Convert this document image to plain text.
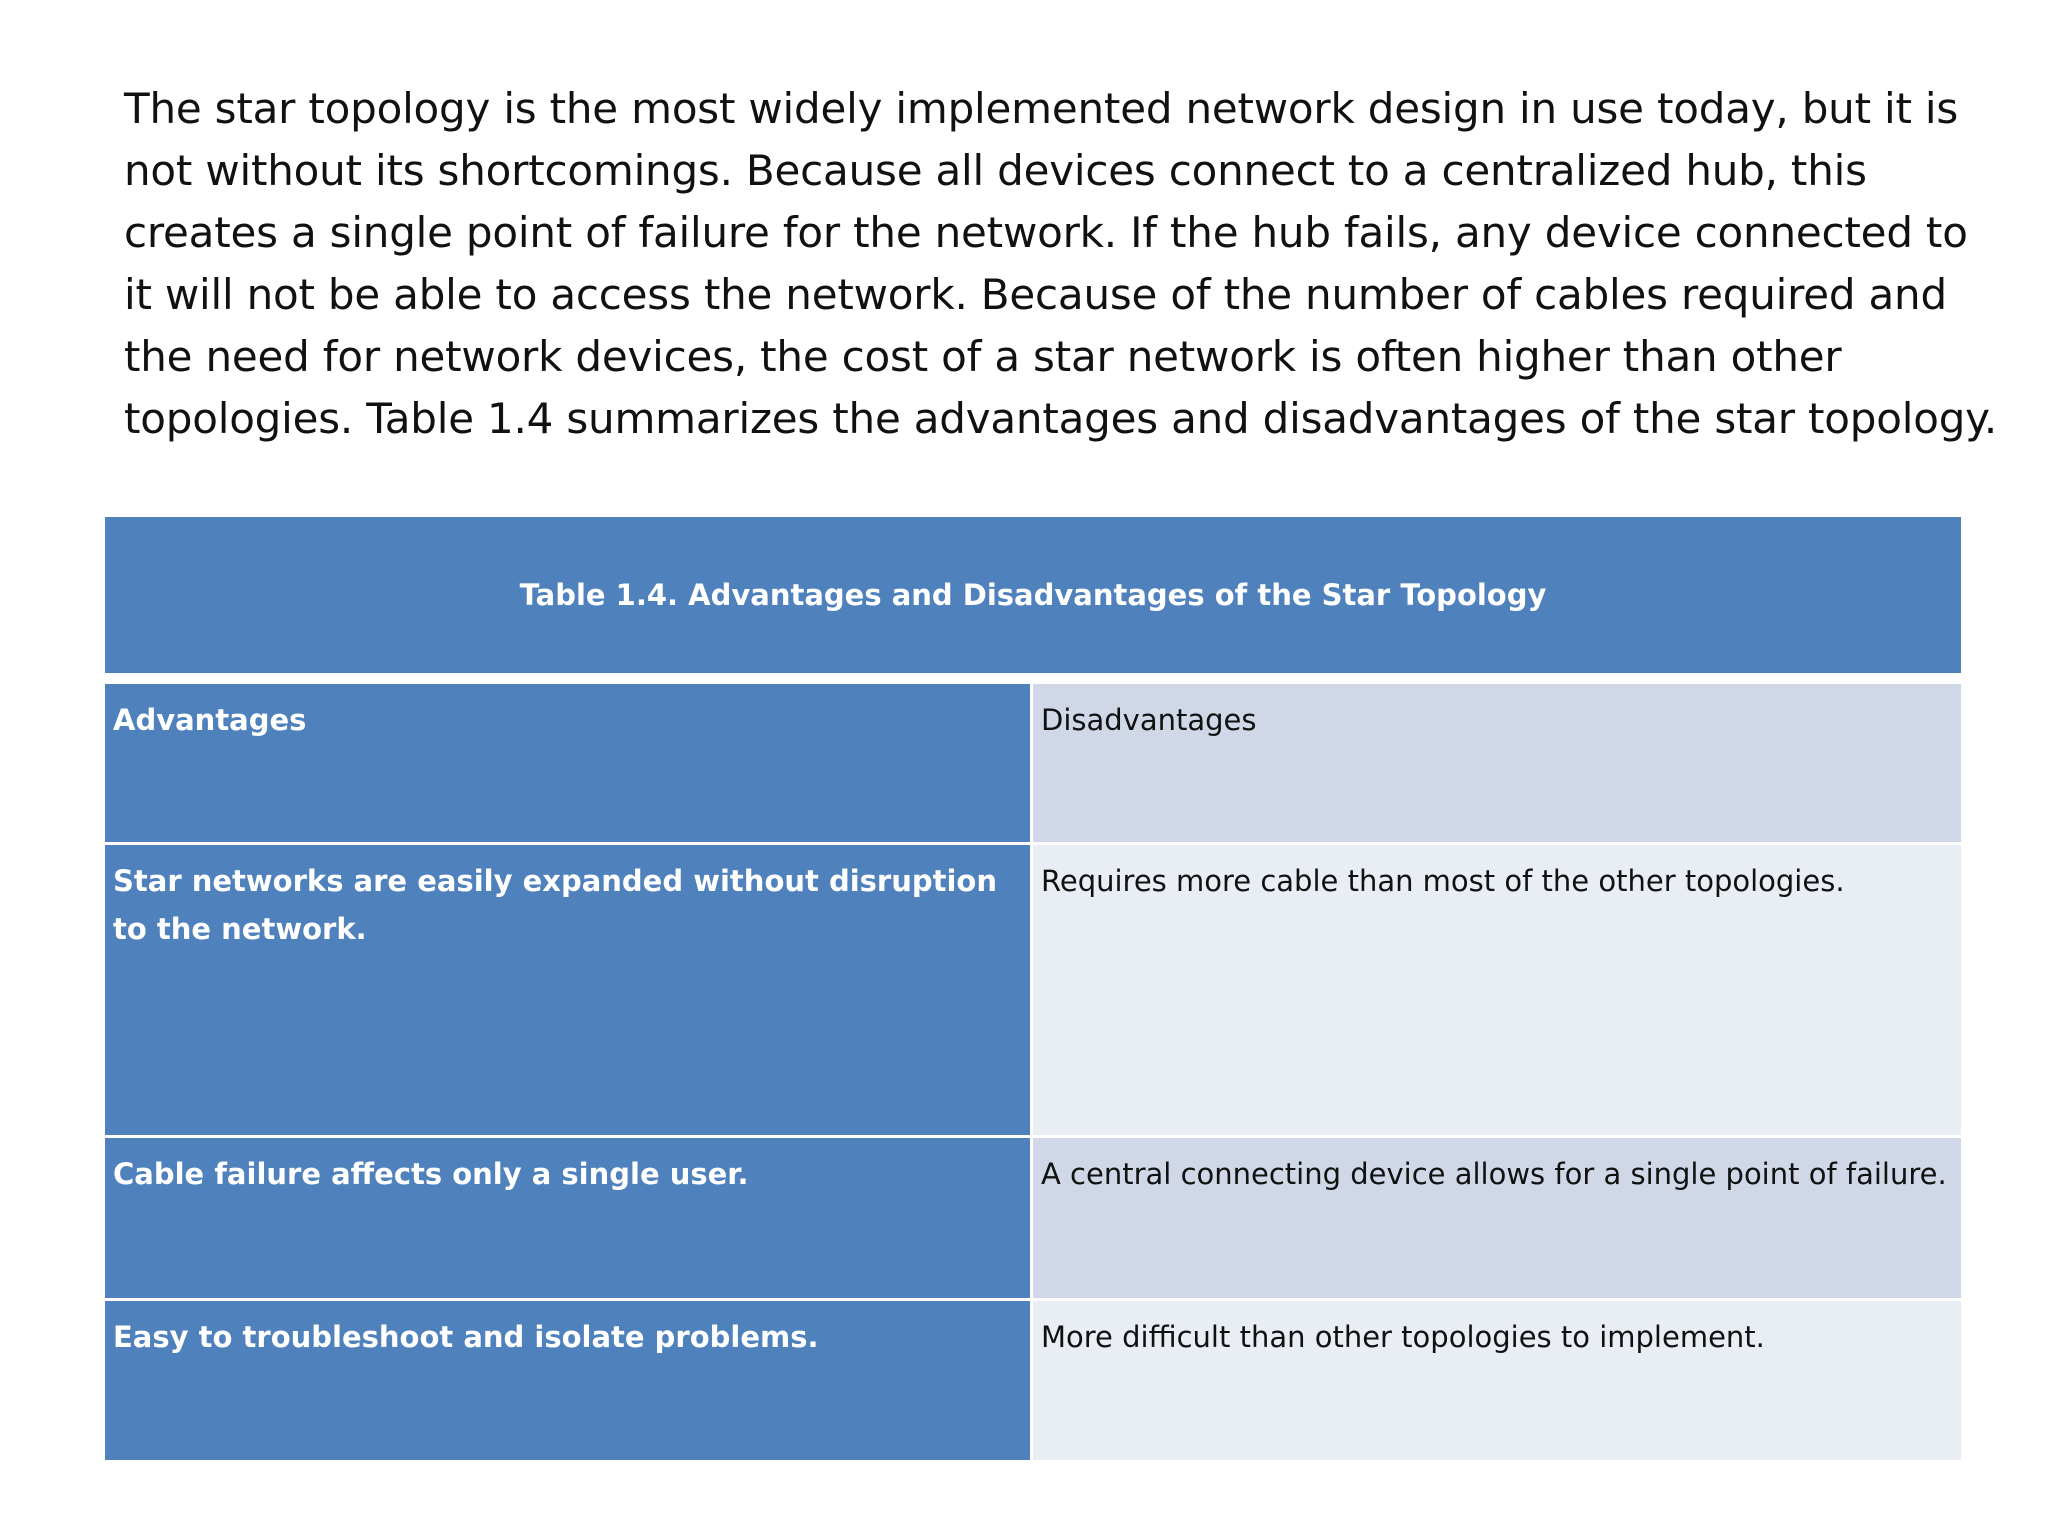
The star topology is the most widely implemented network design in use today, but it is
not without its shortcomings. Because all devices connect to a centralized hub, this
creates a single point of failure for the network. If the hub fails, any device connected to
it will not be able to access the network. Because of the number of cables required and
the need for network devices, the cost of a star network is often higher than other
topologies. Table 1.4 summarizes the advantages and disadvantages of the star topology.

Table 1.4. Advantages and Disadvantages of the Star Topology	
Advantages	Disadvantages
Star networks are easily expanded without disruption to the network.	Requires more cable than most of the other topologies.
Cable failure affects only a single user.	A central connecting device allows for a single point of failure.
Easy to troubleshoot and isolate problems.	More difficult than other topologies to implement.
